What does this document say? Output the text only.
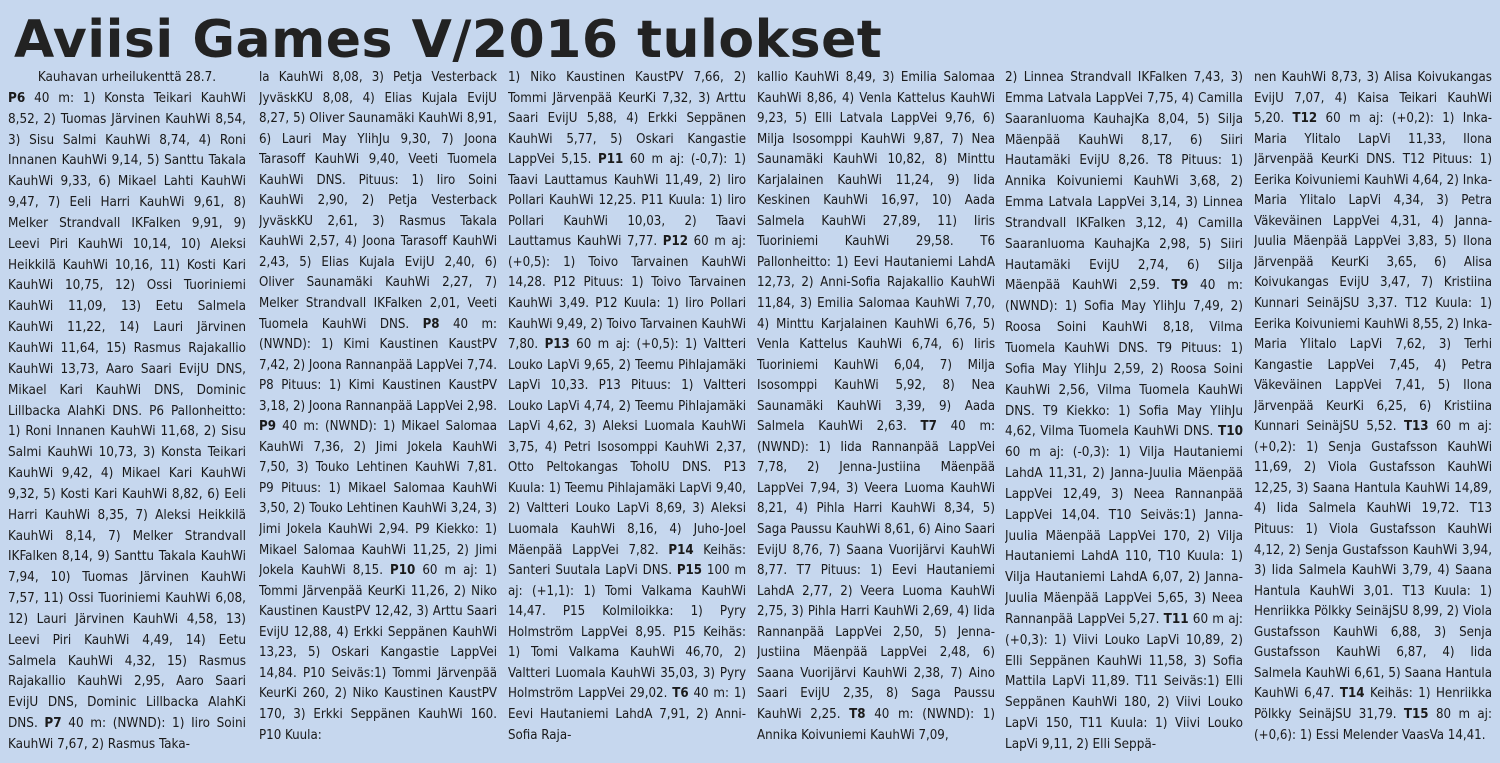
Aviisi Games V/2016 tulokset

Kauhavan urheilukenttä 28.7.

P6 40 m: 1) Konsta Teikari KauhWi 8,52, 2) Tuomas Järvinen KauhWi 8,54, 3) Sisu Salmi KauhWi 8,74, 4) Roni Innanen KauhWi 9,14, 5) Santtu Takala KauhWi 9,33, 6) Mikael Lahti KauhWi 9,47, 7) Eeli Harri KauhWi 9,61, 8) Melker Strandvall IKFalken 9,91, 9) Leevi Piri KauhWi 10,14, 10) Aleksi Heikkilä KauhWi 10,16, 11) Kosti Kari KauhWi 10,75, 12) Ossi Tuoriniemi KauhWi 11,09, 13) Eetu Salmela KauhWi 11,22, 14) Lauri Järvinen KauhWi 11,64, 15) Rasmus Rajakallio KauhWi 13,73, Aaro Saari EvijU DNS, Mikael Kari KauhWi DNS, Dominic Lillbacka AlahKi DNS. P6 Pallonheitto: 1) Roni Innanen KauhWi 11,68, 2) Sisu Salmi KauhWi 10,73, 3) Konsta Teikari KauhWi 9,42, 4) Mikael Kari KauhWi 9,32, 5) Kosti Kari KauhWi 8,82, 6) Eeli Harri KauhWi 8,35, 7) Aleksi Heikkilä KauhWi 8,14, 7) Melker Strandvall IKFalken 8,14, 9) Santtu Takala KauhWi 7,94, 10) Tuomas Järvinen KauhWi 7,57, 11) Ossi Tuoriniemi KauhWi 6,08, 12) Lauri Järvinen KauhWi 4,58, 13) Leevi Piri KauhWi 4,49, 14) Eetu Salmela KauhWi 4,32, 15) Rasmus Rajakallio KauhWi 2,95, Aaro Saari EvijU DNS, Dominic Lillbacka AlahKi DNS. P7 40 m: (NWND): 1) Iiro Soini KauhWi 7,67, 2) Rasmus Taka-

la KauhWi 8,08, 3) Petja Vesterback JyväskKU 8,08, 4) Elias Kujala EvijU 8,27, 5) Oliver Saunamäki KauhWi 8,91, 6) Lauri May YlihJu 9,30, 7) Joona Tarasoff KauhWi 9,40, Veeti Tuomela KauhWi DNS. Pituus: 1) Iiro Soini KauhWi 2,90, 2) Petja Vesterback JyväskKU 2,61, 3) Rasmus Takala KauhWi 2,57, 4) Joona Tarasoff KauhWi 2,43, 5) Elias Kujala EvijU 2,40, 6) Oliver Saunamäki KauhWi 2,27, 7) Melker Strandvall IKFalken 2,01, Veeti Tuomela KauhWi DNS. P8 40 m: (NWND): 1) Kimi Kaustinen KaustPV 7,42, 2) Joona Rannanpää LappVei 7,74. P8 Pituus: 1) Kimi Kaustinen KaustPV 3,18, 2) Joona Rannanpää LappVei 2,98. P9 40 m: (NWND): 1) Mikael Salomaa KauhWi 7,36, 2) Jimi Jokela KauhWi 7,50, 3) Touko Lehtinen KauhWi 7,81. P9 Pituus: 1) Mikael Salomaa KauhWi 3,50, 2) Touko Lehtinen KauhWi 3,24, 3) Jimi Jokela KauhWi 2,94. P9 Kiekko: 1) Mikael Salomaa KauhWi 11,25, 2) Jimi Jokela KauhWi 8,15. P10 60 m aj: 1) Tommi Järvenpää KeurKi 11,26, 2) Niko Kaustinen KaustPV 12,42, 3) Arttu Saari EvijU 12,88, 4) Erkki Seppänen KauhWi 13,23, 5) Oskari Kangastie LappVei 14,84. P10 Seiväs:1) Tommi Järvenpää KeurKi 260, 2) Niko Kaustinen KaustPV 170, 3) Erkki Seppänen KauhWi 160. P10 Kuula:

1) Niko Kaustinen KaustPV 7,66, 2) Tommi Järvenpää KeurKi 7,32, 3) Arttu Saari EvijU 5,88, 4) Erkki Seppänen KauhWi 5,77, 5) Oskari Kangastie LappVei 5,15. P11 60 m aj: (-0,7): 1) Taavi Lauttamus KauhWi 11,49, 2) Iiro Pollari KauhWi 12,25. P11 Kuula: 1) Iiro Pollari KauhWi 10,03, 2) Taavi Lauttamus KauhWi 7,77. P12 60 m aj: (+0,5): 1) Toivo Tarvainen KauhWi 14,28. P12 Pituus: 1) Toivo Tarvainen KauhWi 3,49. P12 Kuula: 1) Iiro Pollari KauhWi 9,49, 2) Toivo Tarvainen KauhWi 7,80. P13 60 m aj: (+0,5): 1) Valtteri Louko LapVi 9,65, 2) Teemu Pihlajamäki LapVi 10,33. P13 Pituus: 1) Valtteri Louko LapVi 4,74, 2) Teemu Pihlajamäki LapVi 4,62, 3) Aleksi Luomala KauhWi 3,75, 4) Petri Isosomppi KauhWi 2,37, Otto Peltokangas TohoIU DNS. P13 Kuula: 1) Teemu Pihlajamäki LapVi 9,40, 2) Valtteri Louko LapVi 8,69, 3) Aleksi Luomala KauhWi 8,16, 4) Juho-Joel Mäenpää LappVei 7,82. P14 Keihäs: Santeri Suutala LapVi DNS. P15 100 m aj: (+1,1): 1) Tomi Valkama KauhWi 14,47. P15 Kolmiloikka: 1) Pyry Holmström LappVei 8,95. P15 Keihäs: 1) Tomi Valkama KauhWi 46,70, 2) Valtteri Luomala KauhWi 35,03, 3) Pyry Holmström LappVei 29,02. T6 40 m: 1) Eevi Hautaniemi LahdA 7,91, 2) Anni-Sofia Raja-

kallio KauhWi 8,49, 3) Emilia Salomaa KauhWi 8,86, 4) Venla Kattelus KauhWi 9,23, 5) Elli Latvala LappVei 9,76, 6) Milja Isosomppi KauhWi 9,87, 7) Nea Saunamäki KauhWi 10,82, 8) Minttu Karjalainen KauhWi 11,24, 9) Iida Keskinen KauhWi 16,97, 10) Aada Salmela KauhWi 27,89, 11) Iiris Tuoriniemi KauhWi 29,58. T6 Pallonheitto: 1) Eevi Hautaniemi LahdA 12,73, 2) Anni-Sofia Rajakallio KauhWi 11,84, 3) Emilia Salomaa KauhWi 7,70, 4) Minttu Karjalainen KauhWi 6,76, 5) Venla Kattelus KauhWi 6,74, 6) Iiris Tuoriniemi KauhWi 6,04, 7) Milja Isosomppi KauhWi 5,92, 8) Nea Saunamäki KauhWi 3,39, 9) Aada Salmela KauhWi 2,63. T7 40 m: (NWND): 1) Iida Rannanpää LappVei 7,78, 2) Jenna-Justiina Mäenpää LappVei 7,94, 3) Veera Luoma KauhWi 8,21, 4) Pihla Harri KauhWi 8,34, 5) Saga Paussu KauhWi 8,61, 6) Aino Saari EvijU 8,76, 7) Saana Vuorijärvi KauhWi 8,77. T7 Pituus: 1) Eevi Hautaniemi LahdA 2,77, 2) Veera Luoma KauhWi 2,75, 3) Pihla Harri KauhWi 2,69, 4) Iida Rannanpää LappVei 2,50, 5) Jenna-Justiina Mäenpää LappVei 2,48, 6) Saana Vuorijärvi KauhWi 2,38, 7) Aino Saari EvijU 2,35, 8) Saga Paussu KauhWi 2,25. T8 40 m: (NWND): 1) Annika Koivuniemi KauhWi 7,09,

2) Linnea Strandvall IKFalken 7,43, 3) Emma Latvala LappVei 7,75, 4) Camilla Saaranluoma KauhajKa 8,04, 5) Silja Mäenpää KauhWi 8,17, 6) Siiri Hautamäki EvijU 8,26. T8 Pituus: 1) Annika Koivuniemi KauhWi 3,68, 2) Emma Latvala LappVei 3,14, 3) Linnea Strandvall IKFalken 3,12, 4) Camilla Saaranluoma KauhajKa 2,98, 5) Siiri Hautamäki EvijU 2,74, 6) Silja Mäenpää KauhWi 2,59. T9 40 m: (NWND): 1) Sofia May YlihJu 7,49, 2) Roosa Soini KauhWi 8,18, Vilma Tuomela KauhWi DNS. T9 Pituus: 1) Sofia May YlihJu 2,59, 2) Roosa Soini KauhWi 2,56, Vilma Tuomela KauhWi DNS. T9 Kiekko: 1) Sofia May YlihJu 4,62, Vilma Tuomela KauhWi DNS. T10 60 m aj: (-0,3): 1) Vilja Hautaniemi LahdA 11,31, 2) Janna-Juulia Mäenpää LappVei 12,49, 3) Neea Rannanpää LappVei 14,04. T10 Seiväs:1) Janna-Juulia Mäenpää LappVei 170, 2) Vilja Hautaniemi LahdA 110, T10 Kuula: 1) Vilja Hautaniemi LahdA 6,07, 2) Janna-Juulia Mäenpää LappVei 5,65, 3) Neea Rannanpää LappVei 5,27. T11 60 m aj: (+0,3): 1) Viivi Louko LapVi 10,89, 2) Elli Seppänen KauhWi 11,58, 3) Sofia Mattila LapVi 11,89. T11 Seiväs:1) Elli Seppänen KauhWi 180, 2) Viivi Louko LapVi 150, T11 Kuula: 1) Viivi Louko LapVi 9,11, 2) Elli Seppä-

nen KauhWi 8,73, 3) Alisa Koivukangas EvijU 7,07, 4) Kaisa Teikari KauhWi 5,20. T12 60 m aj: (+0,2): 1) Inka-Maria Ylitalo LapVi 11,33, Ilona Järvenpää KeurKi DNS. T12 Pituus: 1) Eerika Koivuniemi KauhWi 4,64, 2) Inka-Maria Ylitalo LapVi 4,34, 3) Petra Väkeväinen LappVei 4,31, 4) Janna-Juulia Mäenpää LappVei 3,83, 5) Ilona Järvenpää KeurKi 3,65, 6) Alisa Koivukangas EvijU 3,47, 7) Kristiina Kunnari SeinäjSU 3,37. T12 Kuula: 1) Eerika Koivuniemi KauhWi 8,55, 2) Inka-Maria Ylitalo LapVi 7,62, 3) Terhi Kangastie LappVei 7,45, 4) Petra Väkeväinen LappVei 7,41, 5) Ilona Järvenpää KeurKi 6,25, 6) Kristiina Kunnari SeinäjSU 5,52. T13 60 m aj: (+0,2): 1) Senja Gustafsson KauhWi 11,69, 2) Viola Gustafsson KauhWi 12,25, 3) Saana Hantula KauhWi 14,89, 4) Iida Salmela KauhWi 19,72. T13 Pituus: 1) Viola Gustafsson KauhWi 4,12, 2) Senja Gustafsson KauhWi 3,94, 3) Iida Salmela KauhWi 3,79, 4) Saana Hantula KauhWi 3,01. T13 Kuula: 1) Henriikka Pölkky SeinäjSU 8,99, 2) Viola Gustafsson KauhWi 6,88, 3) Senja Gustafsson KauhWi 6,87, 4) Iida Salmela KauhWi 6,61, 5) Saana Hantula KauhWi 6,47. T14 Keihäs: 1) Henriikka Pölkky SeinäjSU 31,79. T15 80 m aj: (+0,6): 1) Essi Melender VaasVa 14,41.
